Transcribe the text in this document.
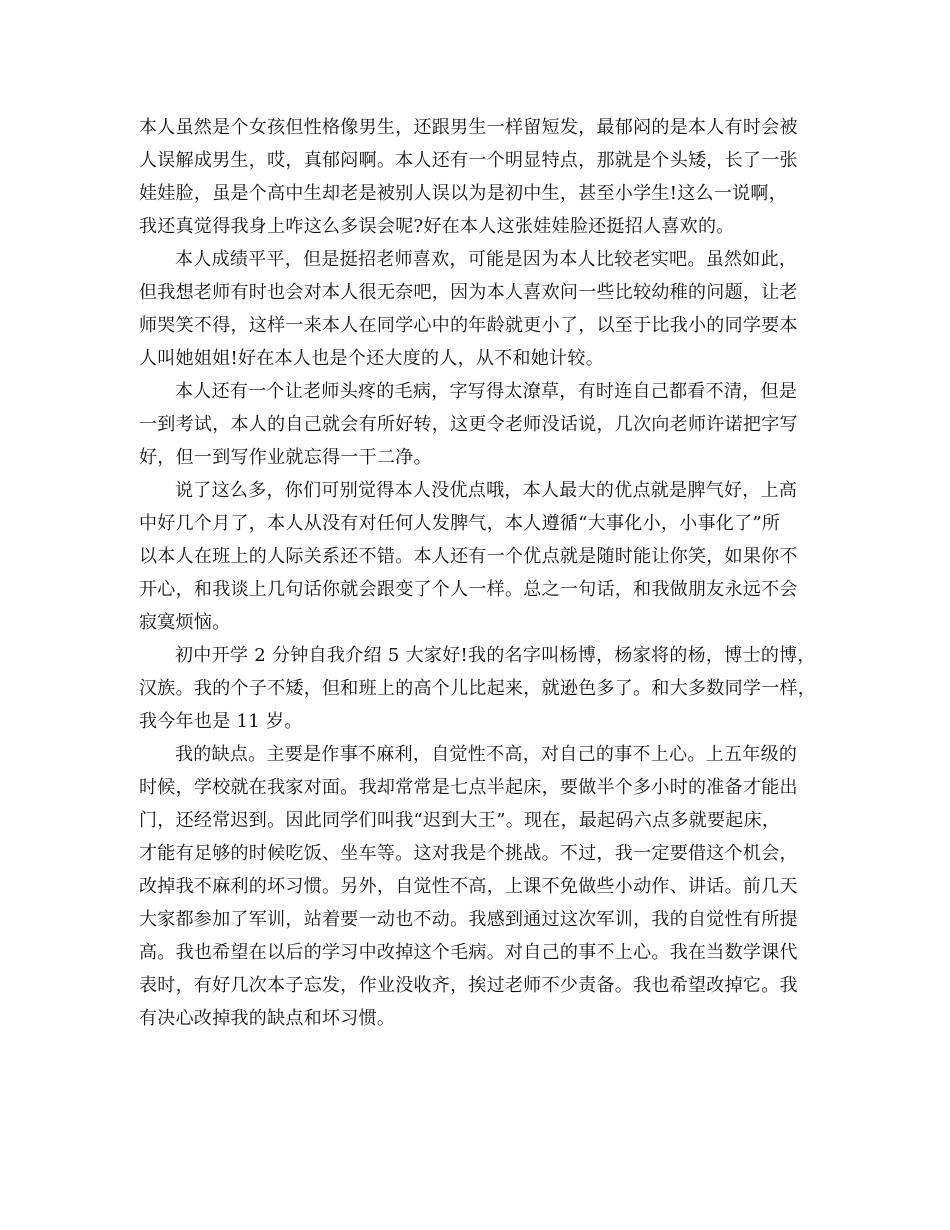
本人虽然是个女孩但性格像男生，还跟男生一样留短发，最郁闷的是本人有时会被
人误解成男生，哎，真郁闷啊。本人还有一个明显特点，那就是个头矮，长了一张
娃娃脸，虽是个高中生却老是被别人误以为是初中生，甚至小学生!这么一说啊，
我还真觉得我身上咋这么多误会呢?好在本人这张娃娃脸还挺招人喜欢的。

本人成绩平平，但是挺招老师喜欢，可能是因为本人比较老实吧。虽然如此，
但我想老师有时也会对本人很无奈吧，因为本人喜欢问一些比较幼稚的问题，让老
师哭笑不得，这样一来本人在同学心中的年龄就更小了，以至于比我小的同学要本
人叫她姐姐!好在本人也是个还大度的人，从不和她计较。

本人还有一个让老师头疼的毛病，字写得太潦草，有时连自己都看不清，但是
一到考试，本人的自己就会有所好转，这更令老师没话说，几次向老师许诺把字写
好，但一到写作业就忘得一干二净。

说了这么多，你们可别觉得本人没优点哦，本人最大的优点就是脾气好，上高
中好几个月了，本人从没有对任何人发脾气，本人遵循“大事化小，小事化了”所
以本人在班上的人际关系还不错。本人还有一个优点就是随时能让你笑，如果你不
开心，和我谈上几句话你就会跟变了个人一样。总之一句话，和我做朋友永远不会
寂寞烦恼。

初中开学 2 分钟自我介绍 5 大家好!我的名字叫杨博，杨家将的杨，博士的博，
汉族。我的个子不矮，但和班上的高个儿比起来，就逊色多了。和大多数同学一样，
我今年也是 11 岁。

我的缺点。主要是作事不麻利，自觉性不高，对自己的事不上心。上五年级的
时候，学校就在我家对面。我却常常是七点半起床，要做半个多小时的准备才能出
门，还经常迟到。因此同学们叫我“迟到大王”。现在，最起码六点多就要起床，
才能有足够的时候吃饭、坐车等。这对我是个挑战。不过，我一定要借这个机会，
改掉我不麻利的坏习惯。另外，自觉性不高，上课不免做些小动作、讲话。前几天
大家都参加了军训，站着要一动也不动。我感到通过这次军训，我的自觉性有所提
高。我也希望在以后的学习中改掉这个毛病。对自己的事不上心。我在当数学课代
表时，有好几次本子忘发，作业没收齐，挨过老师不少责备。我也希望改掉它。我
有决心改掉我的缺点和坏习惯。
